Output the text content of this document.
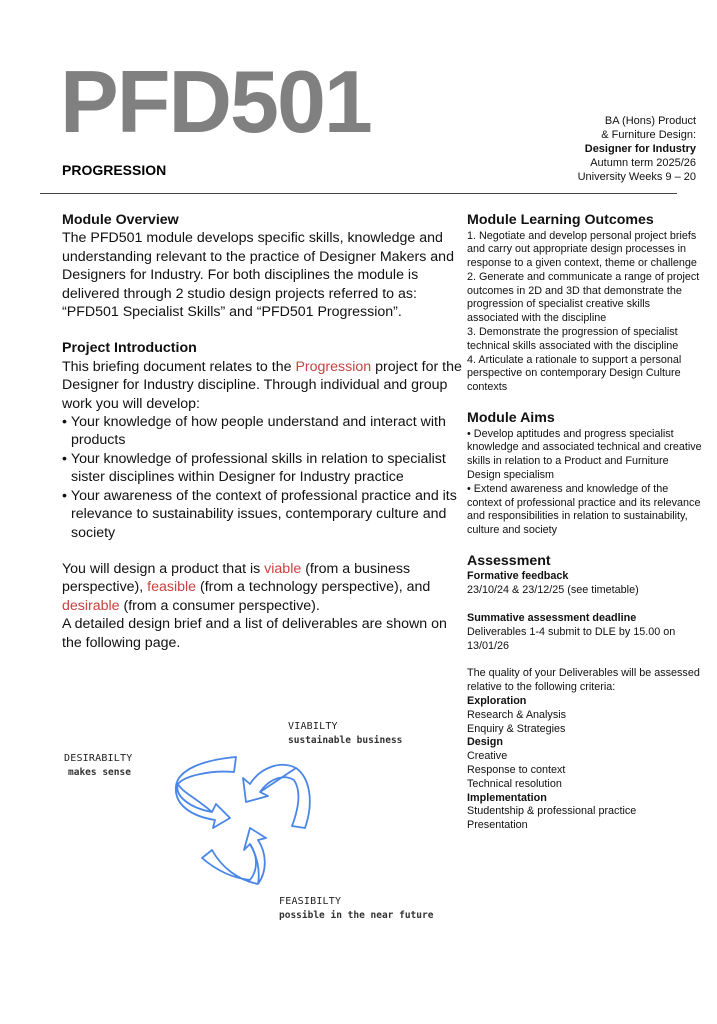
PFD501
PROGRESSION
BA (Hons) Product
& Furniture Design:
Designer for Industry
Autumn term 2025/26
University Weeks 9 – 20
Module Overview

The PFD501 module develops specific skills, knowledge and understanding relevant to the practice of Designer Makers and Designers for Industry. For both disciplines the module is delivered through 2 studio design projects referred to as: “PFD501 Specialist Skills” and “PFD501 Progression”.

Project Introduction

This briefing document relates to the Progression project for the Designer for Industry discipline. Through individual and group work you will develop:

• Your knowledge of how people understand and interact with products
• Your knowledge of professional skills in relation to specialist sister disciplines within Designer for Industry practice
• Your awareness of the context of professional practice and its relevance to sustainability issues, contemporary culture and society

You will design a product that is viable (from a business perspective), feasible (from a technology perspective), and desirable (from a consumer perspective).

A detailed design brief and a list of deliverables are shown on the following page.

DESIRABILTY
makes sense
VIABILTY
sustainable business
FEASIBILTY
possible in the near future
Module Learning Outcomes

1. Negotiate and develop personal project briefs and carry out appropriate design processes in response to a given context, theme or challenge

2. Generate and communicate a range of project outcomes in 2D and 3D that demonstrate the progression of specialist creative skills associated with the discipline

3. Demonstrate the progression of specialist technical skills associated with the discipline

4. Articulate a rationale to support a personal perspective on contemporary Design Culture contexts

Module Aims

• Develop aptitudes and progress specialist knowledge and associated technical and creative skills in relation to a Product and Furniture Design specialism

• Extend awareness and knowledge of the context of professional practice and its relevance and responsibilities in relation to sustainability, culture and society

Assessment
Formative feedback

23/10/24 & 23/12/25 (see timetable)

Summative assessment deadline

Deliverables 1-4 submit to DLE by 15.00 on 13/01/26

The quality of your Deliverables will be assessed relative to the following criteria:

Exploration

Research & Analysis

Enquiry & Strategies

Design

Creative

Response to context

Technical resolution

Implementation

Studentship & professional practice

Presentation
